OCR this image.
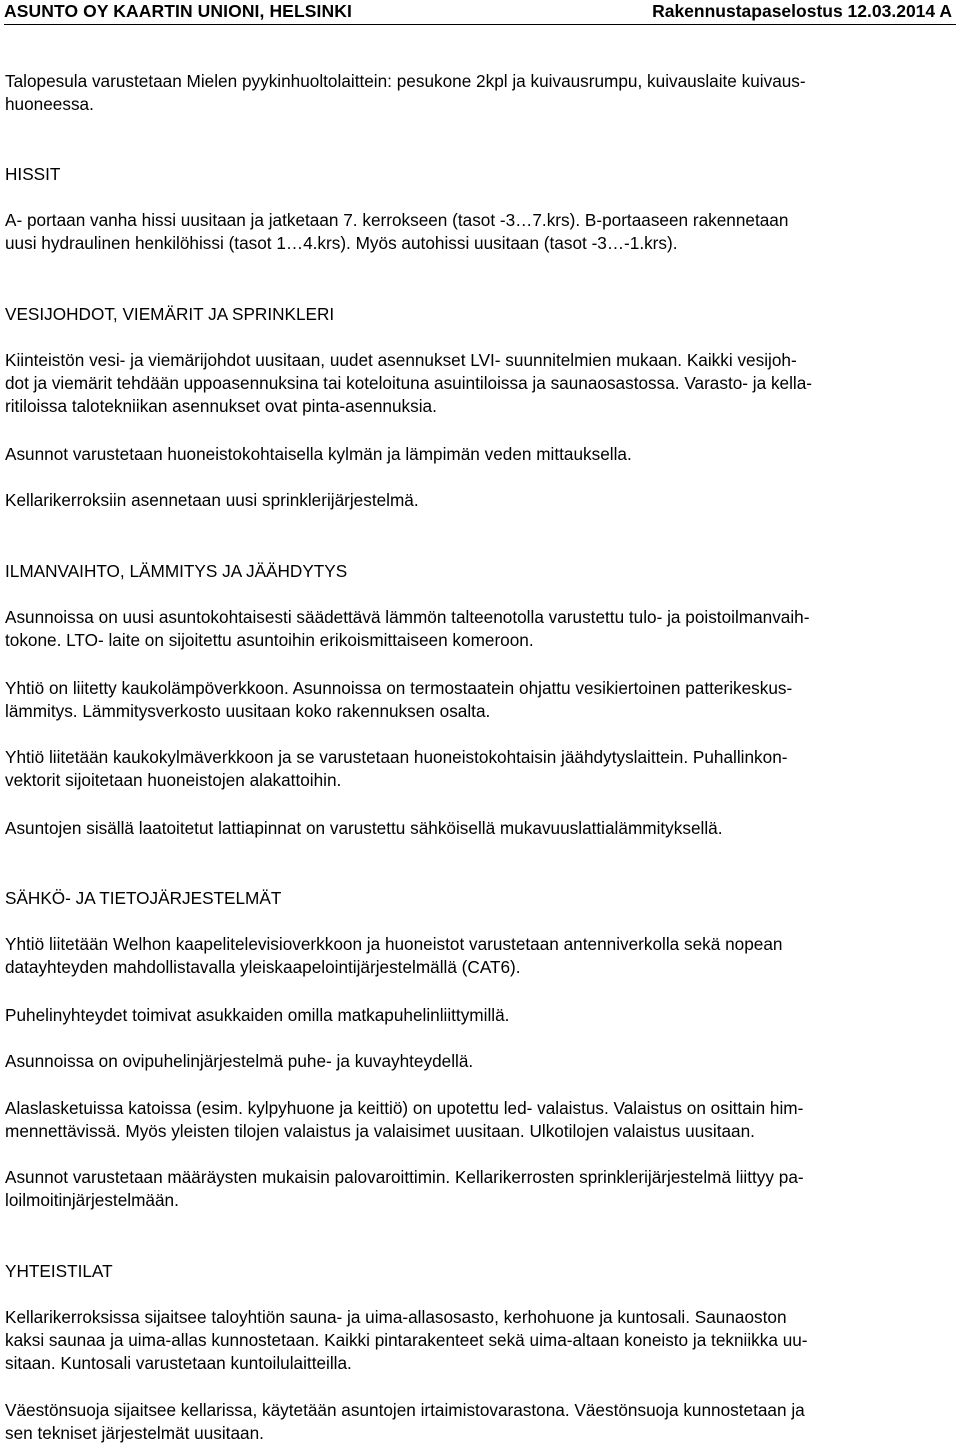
ASUNTO OY KAARTIN UNIONI, HELSINKI	Rakennustapaselostus 12.03.2014 A

Talopesula varustetaan Mielen pyykinhuoltolaittein: pesukone 2kpl ja kuivausrumpu, kuivauslaite kuivaus-

huoneessa.

HISSIT

A- portaan vanha hissi uusitaan ja jatketaan 7. kerrokseen (tasot -3…7.krs). B-portaaseen rakennetaan

uusi hydraulinen henkilöhissi (tasot 1…4.krs). Myös autohissi uusitaan (tasot -3…-1.krs).

VESIJOHDOT, VIEMÄRIT JA SPRINKLERI

Kiinteistön vesi- ja viemärijohdot uusitaan, uudet asennukset LVI- suunnitelmien mukaan. Kaikki vesijoh-

dot ja viemärit tehdään uppoasennuksina tai koteloituna asuintiloissa ja saunaosastossa. Varasto- ja kella-

ritiloissa talotekniikan asennukset ovat pinta-asennuksia.

Asunnot varustetaan huoneistokohtaisella kylmän ja lämpimän veden mittauksella.

Kellarikerroksiin asennetaan uusi sprinklerijärjestelmä.

ILMANVAIHTO, LÄMMITYS JA JÄÄHDYTYS

Asunnoissa on uusi asuntokohtaisesti säädettävä lämmön talteenotolla varustettu tulo- ja poistoilmanvaih-

tokone. LTO- laite on sijoitettu asuntoihin erikoismittaiseen komeroon.

Yhtiö on liitetty kaukolämpöverkkoon. Asunnoissa on termostaatein ohjattu vesikiertoinen patterikeskus-

lämmitys. Lämmitysverkosto uusitaan koko rakennuksen osalta.

Yhtiö liitetään kaukokylmäverkkoon ja se varustetaan huoneistokohtaisin jäähdytyslaittein. Puhallinkon-

vektorit sijoitetaan huoneistojen alakattoihin.

Asuntojen sisällä laatoitetut lattiapinnat on varustettu sähköisellä mukavuuslattialämmityksellä.

SÄHKÖ- JA TIETOJÄRJESTELMÄT

Yhtiö liitetään Welhon kaapelitelevisioverkkoon ja huoneistot varustetaan antenniverkolla sekä nopean

datayhteyden mahdollistavalla yleiskaapelointijärjestelmällä (CAT6).

Puhelinyhteydet toimivat asukkaiden omilla matkapuhelinliittymillä.

Asunnoissa on ovipuhelinjärjestelmä puhe- ja kuvayhteydellä.

Alaslasketuissa katoissa (esim. kylpyhuone ja keittiö) on upotettu led- valaistus. Valaistus on osittain him-

mennettävissä. Myös yleisten tilojen valaistus ja valaisimet uusitaan. Ulkotilojen valaistus uusitaan.

Asunnot varustetaan määräysten mukaisin palovaroittimin. Kellarikerrosten sprinklerijärjestelmä liittyy pa-

loilmoitinjärjestelmään.

YHTEISTILAT

Kellarikerroksissa sijaitsee taloyhtiön sauna- ja uima-allasosasto, kerhohuone ja kuntosali. Saunaoston

kaksi saunaa ja uima-allas kunnostetaan. Kaikki pintarakenteet sekä uima-altaan koneisto ja tekniikka uu-

sitaan. Kuntosali varustetaan kuntoilulaitteilla.

Väestönsuoja sijaitsee kellarissa, käytetään asuntojen irtaimistovarastona. Väestönsuoja kunnostetaan ja

sen tekniset järjestelmät uusitaan.
